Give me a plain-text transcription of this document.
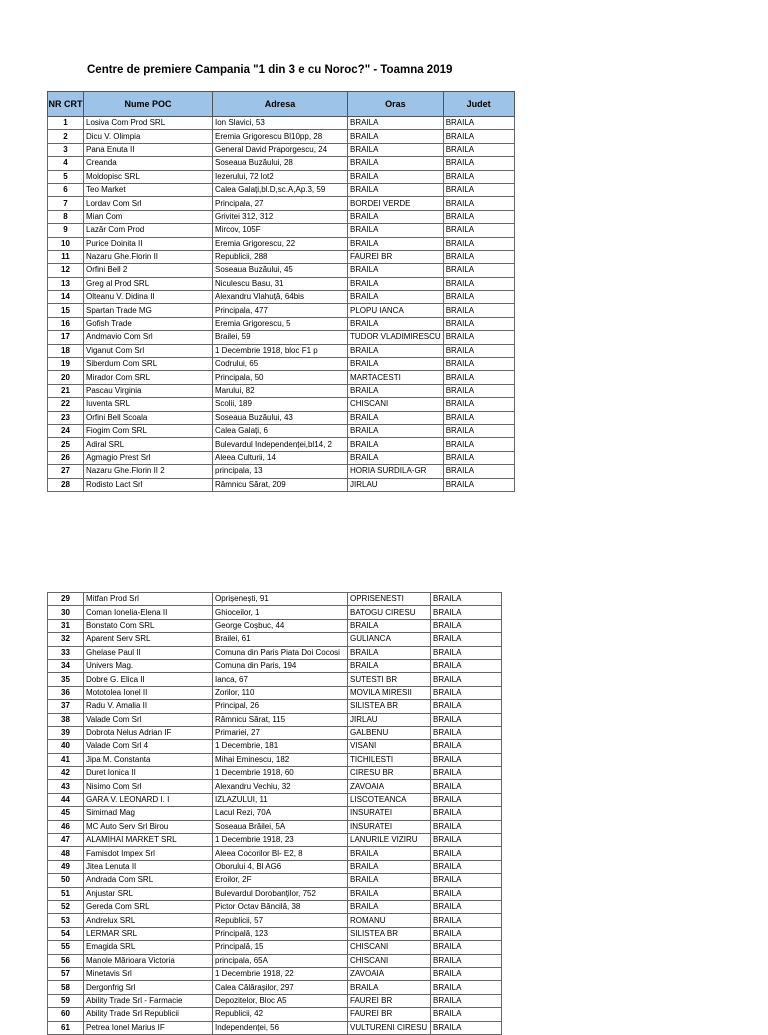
Centre de premiere Campania "1 din 3 e cu Noroc?" - Toamna 2019
NR CRT	Nume POC	Adresa	Oras	Judet
1	Losiva Com Prod SRL	Ion Slavici, 53	BRAILA	BRAILA
2	Dicu V. Olimpia	Eremia Grigorescu Bl10pp, 28	BRAILA	BRAILA
3	Pana Enuta II	General David Praporgescu, 24	BRAILA	BRAILA
4	Creanda	Soseaua Buzăului, 28	BRAILA	BRAILA
5	Moldopisc SRL	Iezerului, 72 lot2	BRAILA	BRAILA
6	Teo Market	Calea Galați,bl.D,sc.A,Ap.3, 59	BRAILA	BRAILA
7	Lordav Com Srl	Principala, 27	BORDEI VERDE	BRAILA
8	Mian Com	Grivitei 312, 312	BRAILA	BRAILA
9	Lazăr Com Prod	Mircov, 105F	BRAILA	BRAILA
10	Purice Doinita II	Eremia Grigorescu, 22	BRAILA	BRAILA
11	Nazaru Ghe.Florin II	Republicii, 288	FAUREI BR	BRAILA
12	Orfini Bell 2	Soseaua Buzăului, 45	BRAILA	BRAILA
13	Greg al Prod SRL	Niculescu Basu, 31	BRAILA	BRAILA
14	Olteanu V. Didina II	Alexandru Vlahuță, 64bis	BRAILA	BRAILA
15	Spartan Trade MG	Principala, 477	PLOPU IANCA	BRAILA
16	Gofish Trade	Eremia Grigorescu, 5	BRAILA	BRAILA
17	Andmavio Com Srl	Brailei, 59	TUDOR VLADIMIRESCU	BRAILA
18	Viganut Com Srl	1 Decembrie 1918, bloc F1 p	BRAILA	BRAILA
19	Siberdum Com SRL	Codrului, 65	BRAILA	BRAILA
20	Mirador Com SRL	Principala, 50	MARTACESTI	BRAILA
21	Pascau Virginia	Marului, 82	BRAILA	BRAILA
22	Iuventa SRL	Scolii, 189	CHISCANI	BRAILA
23	Orfini Bell Scoala	Soseaua Buzăului, 43	BRAILA	BRAILA
24	Fiogim Com SRL	Calea Galați, 6	BRAILA	BRAILA
25	Adiral SRL	Bulevardul Independenței,bl14, 2	BRAILA	BRAILA
26	Agmagio Prest Srl	Aleea Culturii, 14	BRAILA	BRAILA
27	Nazaru Ghe.Florin II 2	principala, 13	HORIA SURDILA-GR	BRAILA
28	Rodisto Lact Srl	Râmnicu Sărat, 209	JIRLAU	BRAILA
29	Mitfan Prod Srl	Oprișenești, 91	OPRISENESTI	BRAILA
30	Coman Ionelia-Elena II	Ghioceilor, 1	BATOGU CIRESU	BRAILA
31	Bonstato Com SRL	George Coșbuc, 44	BRAILA	BRAILA
32	Aparent Serv SRL	Brailei, 61	GULIANCA	BRAILA
33	Ghelase Paul II	Comuna din Paris Piata Doi Cocosi	BRAILA	BRAILA
34	Univers Mag.	Comuna din Paris, 194	BRAILA	BRAILA
35	Dobre G. Elica II	Ianca, 67	SUTESTI BR	BRAILA
36	Mototolea Ionel II	Zorilor, 110	MOVILA MIRESII	BRAILA
37	Radu V. Amalia II	Principal, 26	SILISTEA BR	BRAILA
38	Valade Com Srl	Râmnicu Sărat, 115	JIRLAU	BRAILA
39	Dobrota Nelus Adrian IF	Primariei, 27	GALBENU	BRAILA
40	Valade Com Srl 4	1 Decembrie, 181	VISANI	BRAILA
41	Jipa M. Constanta	Mihai Eminescu, 182	TICHILESTI	BRAILA
42	Duret Ionica II	1 Decembrie 1918, 60	CIRESU BR	BRAILA
43	Nisimo Com Srl	Alexandru Vechiu, 32	ZAVOAIA	BRAILA
44	GARA V. LEONARD I. I	IZLAZULUI, 11	LISCOTEANCA	BRAILA
45	Simimad Mag	Lacul Rezi, 70A	INSURATEI	BRAILA
46	MC Auto Serv Srl Birou	Soseaua Brăilei, 5A	INSURATEI	BRAILA
47	ALAMIHAI MARKET SRL	1 Decembrie 1918, 23	LANURILE VIZIRU	BRAILA
48	Famisdot Impex Srl	Aleea Cocorilor Bl- E2, 8	BRAILA	BRAILA
49	Jitea Lenuta II	Oborului 4, Bl AG6	BRAILA	BRAILA
50	Andrada Com SRL	Eroilor, 2F	BRAILA	BRAILA
51	Anjustar SRL	Bulevardul Dorobanților, 752	BRAILA	BRAILA
52	Gereda Com SRL	Pictor Octav Băncilă, 38	BRAILA	BRAILA
53	Andrelux SRL	Republicii, 57	ROMANU	BRAILA
54	LERMAR SRL	Principală, 123	SILISTEA BR	BRAILA
55	Emagida SRL	Principală, 15	CHISCANI	BRAILA
56	Manole Mărioara Victoria	principala, 65A	CHISCANI	BRAILA
57	Minetavis Srl	1 Decembrie 1918, 22	ZAVOAIA	BRAILA
58	Dergonfrig Srl	Calea Călărașilor, 297	BRAILA	BRAILA
59	Ability Trade Srl - Farmacie	Depozitelor, Bloc A5	FAUREI BR	BRAILA
60	Ability Trade Srl Republicii	Republicii, 42	FAUREI BR	BRAILA
61	Petrea Ionel Marius IF	Independenței, 56	VULTURENI CIRESU	BRAILA
